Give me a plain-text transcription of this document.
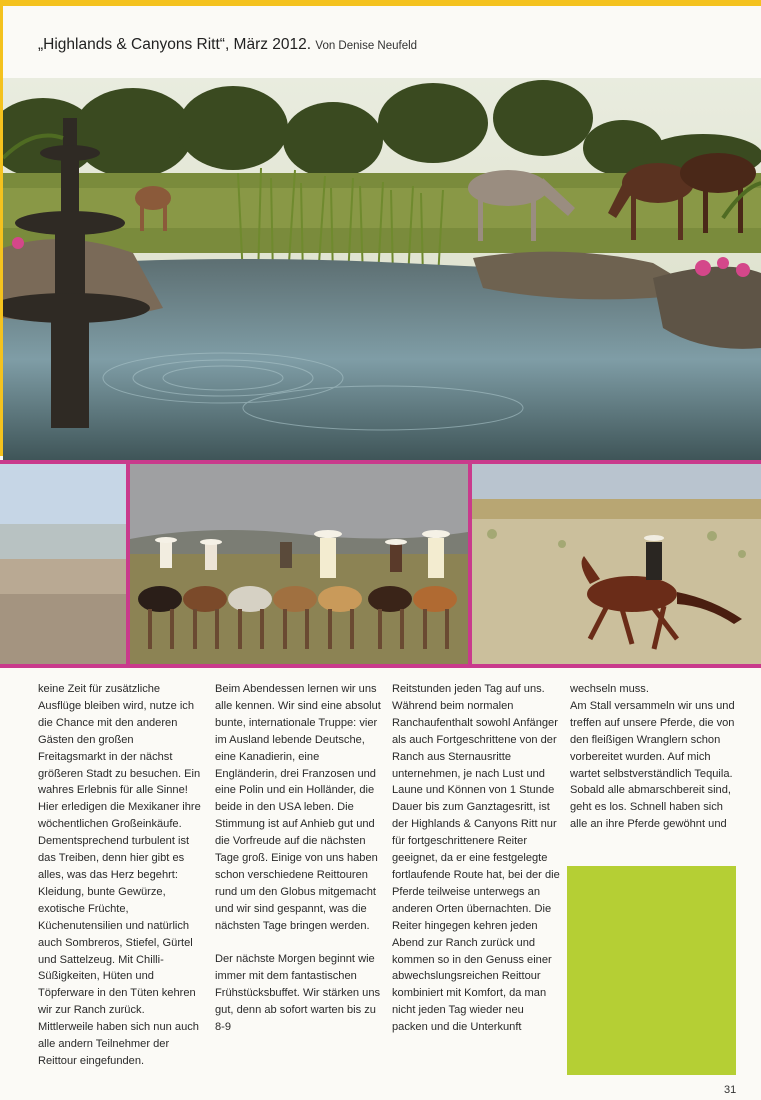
„Highlands & Canyons Ritt“, März 2012. Von Denise Neufeld

keine Zeit für zusätzliche Ausflüge bleiben wird, nutze ich die Chance mit den anderen Gästen den großen Freitagsmarkt in der nächst größeren Stadt zu besuchen. Ein wahres Erlebnis für alle Sinne! Hier erledigen die Mexikaner ihre wöchentlichen Großeinkäufe. Dementsprechend turbulent ist das Treiben, denn hier gibt es alles, was das Herz begehrt: Kleidung, bunte Gewürze, exotische Früchte, Küchenutensilien und natürlich auch Sombreros, Stiefel, Gürtel und Sattelzeug. Mit Chilli-Süßigkeiten, Hüten und Töpferware in den Tüten kehren wir zur Ranch zurück. Mittlerweile haben sich nun auch alle andern Teilnehmer der Reittour eingefunden.

Beim Abendessen lernen wir uns alle kennen. Wir sind eine absolut bunte, internationale Truppe: vier im Ausland lebende Deutsche, eine Kanadierin, eine Engländerin, drei Franzosen und eine Polin und ein Holländer, die beide in den USA leben. Die Stimmung ist auf Anhieb gut und die Vorfreude auf die nächsten Tage groß. Einige von uns haben schon verschiedene Reittouren rund um den Globus mitgemacht und wir sind gespannt, was die nächsten Tage bringen werden.

Der nächste Morgen beginnt wie immer mit dem fantastischen Frühstücksbuffet. Wir stärken uns gut, denn ab sofort warten bis zu 8-9

Reitstunden jeden Tag auf uns. Während beim normalen Ranchaufenthalt sowohl Anfänger als auch Fortgeschrittene von der Ranch aus Sternausritte unternehmen, je nach Lust und Laune und Können von 1 Stunde Dauer bis zum Ganztagesritt, ist der Highlands & Canyons Ritt nur für fortgeschrittenere Reiter geeignet, da er eine festgelegte fortlaufende Route hat, bei der die Pferde teilweise unterwegs an anderen Orten übernachten. Die Reiter hingegen kehren jeden Abend zur Ranch zurück und kommen so in den Genuss einer abwechslungsreichen Reittour kombiniert mit Komfort, da man nicht jeden Tag wieder neu packen und die Unterkunft

wechseln muss.
Am Stall versammeln wir uns und treffen auf unsere Pferde, die von den fleißigen Wranglern schon vorbereitet wurden. Auf mich wartet selbstverständlich Tequila. Sobald alle abmarschbereit sind, geht es los. Schnell haben sich alle an ihre Pferde gewöhnt und

31
